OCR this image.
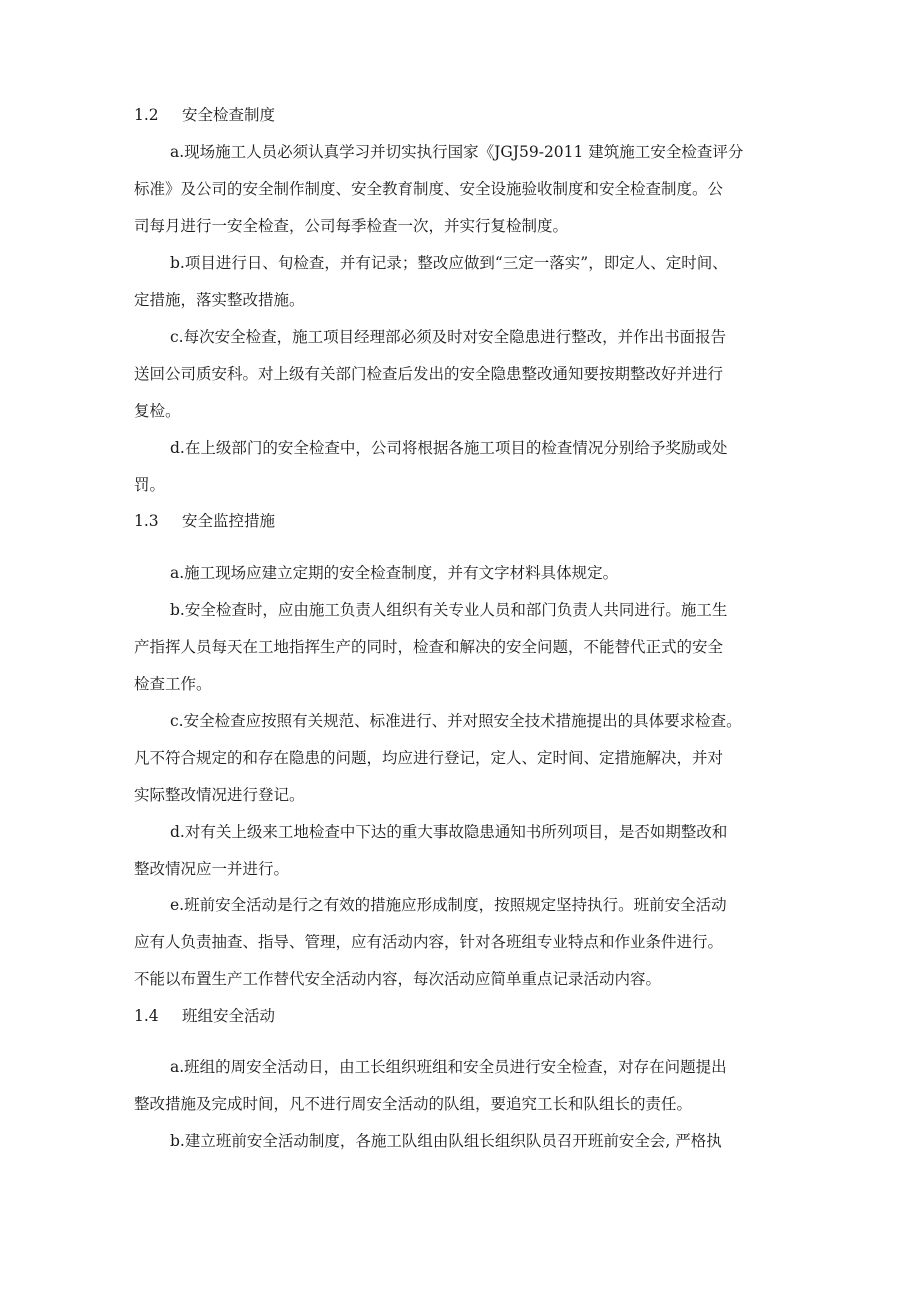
1.2 安全检查制度
a.现场施工人员必须认真学习并切实执行国家《JGJ59-2011 建筑施工安全检查评分
标准》及公司的安全制作制度、安全教育制度、安全设施验收制度和安全检查制度。公
司每月进行一安全检查，公司每季检查一次，并实行复检制度。
b.项目进行日、旬检查，并有记录；整改应做到“三定一落实”，即定人、定时间、
定措施，落实整改措施。
c.每次安全检查，施工项目经理部必须及时对安全隐患进行整改，并作出书面报告
送回公司质安科。对上级有关部门检查后发出的安全隐患整改通知要按期整改好并进行
复检。
d.在上级部门的安全检查中，公司将根据各施工项目的检查情况分别给予奖励或处
罚。
1.3 安全监控措施
a.施工现场应建立定期的安全检查制度，并有文字材料具体规定。
b.安全检查时，应由施工负责人组织有关专业人员和部门负责人共同进行。施工生
产指挥人员每天在工地指挥生产的同时，检查和解决的安全问题，不能替代正式的安全
检查工作。
c.安全检查应按照有关规范、标准进行、并对照安全技术措施提出的具体要求检查。
凡不符合规定的和存在隐患的问题，均应进行登记，定人、定时间、定措施解决，并对
实际整改情况进行登记。
d.对有关上级来工地检查中下达的重大事故隐患通知书所列项目，是否如期整改和
整改情况应一并进行。
e.班前安全活动是行之有效的措施应形成制度，按照规定坚持执行。班前安全活动
应有人负责抽查、指导、管理，应有活动内容，针对各班组专业特点和作业条件进行。
不能以布置生产工作替代安全活动内容，每次活动应简单重点记录活动内容。
1.4 班组安全活动
a.班组的周安全活动日，由工长组织班组和安全员进行安全检查，对存在问题提出
整改措施及完成时间，凡不进行周安全活动的队组，要追究工长和队组长的责任。
b.建立班前安全活动制度，各施工队组由队组长组织队员召开班前安全会, 严格执
